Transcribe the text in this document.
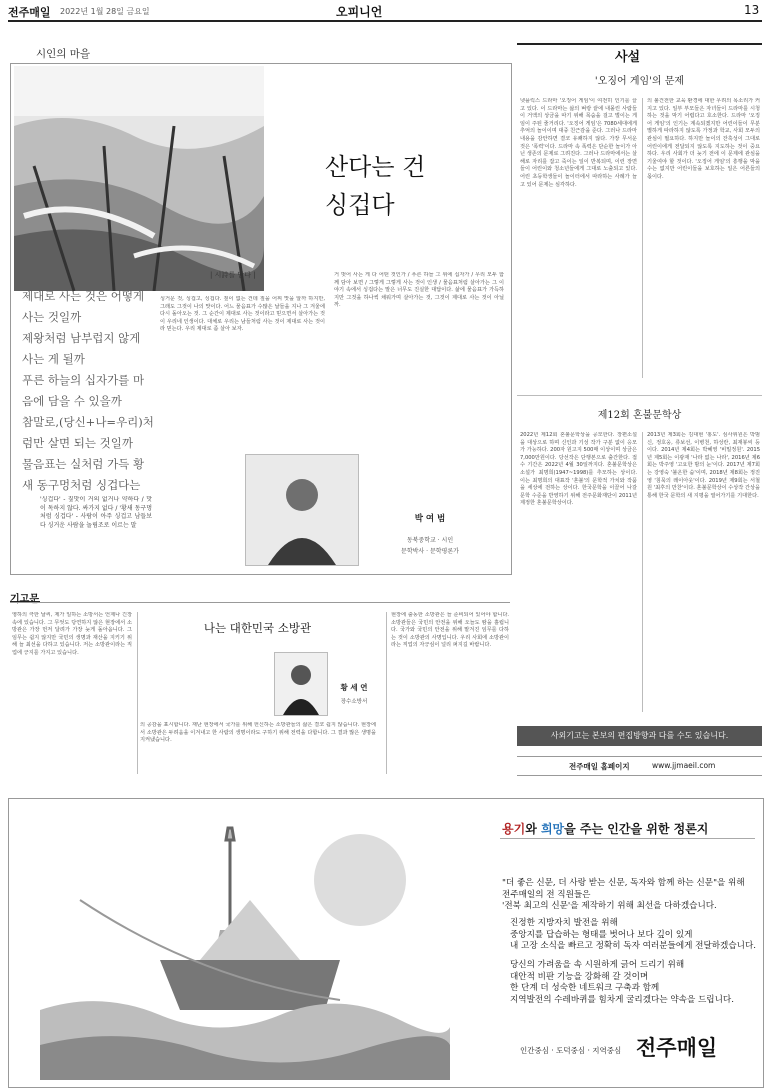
전주매일 2022년 1월 28일 금요일	오피니언	13
시인의 마을
산다는 건
싱겁다
| 시詩를 담다 |
제대로 사는 것은 어떻게
사는 것일까
제왕처럼 남부럽지 않게
사는 게 될까
푸른 하늘의 십자가를 마
음에 담을 수 있을까
참말로,(당신+나=우리)처
럼만 살면 되는 것일까
물음표는 실처럼 가득 황
새 동구멍처럼 싱겁다는
'싱겁다' - 짚맛이 거의 없거나 약하다 / 맛이 독하지 않다. 싸가지 없다 / '황새 동구멍처럼 싱겁다' - 사람이 아주 싱겁고 남들보다 싱거운 사람을 놀림조로 이르는 말
싱거운 것, 싱겁고, 싱겁다. 짚이 없는 건데 짚을 어찌 맛을 알까 하지만, 그래도 그것이 나의 맛이다. 어느 물음표가 수많은 날들을 지나 그 겨울에 다시 돌아오는 것. 그 순간이 제대로 사는 것이라고 믿으면서 살아가는 것이 우리네 인생이다. 대체로 우리는 남들처럼 사는 것이 제대로 사는 것이라 믿는다. 우리 제대로 좀 살아 보자.
거 벗어 사는 게 다 어떤 것인가 / 푸른 하늘 그 위에 십자가 / 우리 모두 함께 담아 보면 / 그렇게 그렇게 사는 것이 인생 / 물음표처럼 살아가는 그 이야기 속에서 싱겁다는 말은 너무도 진실한 대답이다. 삶에 물음표가 가득하지만 그것을 하나씩 채워가며 살아가는 것, 그것이 제대로 사는 것이 아닐까.
박 여 범
동북중학교 · 시인
문학박사 · 문학평론가
사설
'오징어 게임'의 문제
넷플릭스 드라마 '오징어 게임'이 여전히 인기를 끌고 있다. 이 드라마는 삶의 벼랑 끝에 내몰린 사람들이 거액의 상금을 따기 위해 목숨을 걸고 벌이는 게임이 주된 줄거리다. '오징어 게임'은 7080세대에게 추억의 놀이이며 대중 친근감을 준다. 그러나 드라마 내용을 감안하면 결코 유쾌하지 않다. 가장 무서운 것은 '폭력'이다. 드라마 속 폭력은 단순한 놀이가 아닌 생존의 문제로 그려진다. 그러나 드라마에서는 살해로 자리를 잡고 죽이는 일이 반복되며, 이런 장면들이 어린이와 청소년들에게 그대로 노출되고 있다. 어린 초등학생들이 놀이터에서 따라하는 사례가 늘고 있어 문제는 심각하다.
의 불건전한 교육 환경에 대한 우려의 목소리가 커지고 있다. 일부 부모들은 자녀들이 드라마를 시청하는 것을 막기 어렵다고 호소한다. 드라마 '오징어 게임'의 인기는 계속되겠지만 어린이들이 무분별하게 따라하지 않도록 가정과 학교, 사회 모두의 관심이 필요하다. 하지만 놀이의 잔혹성이 그대로 어린이에게 전달되지 않도록 지도하는 것이 중요하다. 우리 사회가 더 늦기 전에 이 문제에 관심을 기울여야 할 것이다. '오징어 게임'의 흥행을 막을 수는 없지만 어린이들을 보호하는 일은 어른들의 몫이다.
제12회 혼불문학상
2022년 제12회 혼불문학상을 공모한다. 장편소설을 대상으로 하며 신인과 기성 작가 구분 없이 응모가 가능하다. 200자 원고지 500매 이상이며 상금은 7,000만원이다. 당선작은 단행본으로 출간한다. 접수 기간은 2022년 4월 30일까지다. 혼불문학상은 소설가 최명희(1947~1998)를 추모하는 상이다. 이는 최명희의 대표작 '혼불'의 문학적 가치와 작품을 세상에 전하는 상이다. 한국문학을 이끌어 나갈 문학 수준을 반영하기 위해 전주문화재단이 2011년 제정한 혼불문학상이다.
2013년 제3회는 김대현 '홍도'. 심사위원은 박범신, 정호웅, 류보선, 이병천, 하성란, 최재봉씨 등이다. 2014년 제4회는 박혜영 '비밀정원'. 2015년 제5회는 이광재 '나라 없는 나라', 2016년 제6회는 박주영 '고요한 밤의 눈'이다. 2017년 제7회는 강영숙 '불온한 숨'이며, 2018년 제8회는 정진영 '침묵의 레이아웃'이다. 2019년 제9회는 서철원 '최후의 만찬'이다. 혼불문학상이 수상작 간상을 통해 한국 문학의 새 지평을 열어가기를 기대한다.
기고문
영하의 극한 날씨, 제가 일하는 소방서는 언제나 긴장 속에 있습니다. 그 무엇도 당연하지 않은 현장에서 소방관은 가장 먼저 달려가 가장 늦게 돌아옵니다. 그 임무는 쉽지 않지만 국민의 생명과 재산을 지키기 위해 늘 최선을 다하고 있습니다. 저는 소방관이라는 직업에 긍지를 가지고 있습니다.
나는 대한민국 소방관
황 세 연
장수소방서
의 공감을 표시합니다. 재난 현장에서 국가를 위해 헌신하는 소방관들의 삶은 결코 쉽지 않습니다. 현장에서 소방관은 두려움을 이겨내고 한 사람의 생명이라도 구하기 위해 전력을 다합니다. 그 결과 많은 생명을 지켜냈습니다.
현장에 출동한 소방관은 늘 준비되어 있어야 합니다. 소방관들은 국민의 안전을 위해 오늘도 땀을 흘립니다. 국가와 국민의 안전을 위해 맡겨진 임무를 다하는 것이 소방관의 사명입니다. 우리 사회에 소방관이라는 직업의 자긍심이 널리 퍼지길 바랍니다.
사외기고는 본보의 편집방향과 다를 수도 있습니다.
전주매일 홈페이지	www.jjmaeil.com
용기와 희망을 주는 인간을 위한 정론지
"더 좋은 신문, 더 사랑 받는 신문, 독자와 함께 하는 신문"을 위해
전주매일의 전 직원들은
'전북 최고의 신문'을 제작하기 위해 최선을 다하겠습니다.
진정한 지방자치 발전을 위해
중앙지를 답습하는 형태를 벗어나 보다 깊이 있게
내 고장 소식을 빠르고 정확히 독자 여러분들에게 전달하겠습니다.
당신의 가려움을 속 시원하게 긁어 드리기 위해
대안적 비판 기능을 강화해 갈 것이며
한 단계 더 성숙한 네트워크 구축과 함께
지역발전의 수레바퀴를 힘차게 굴리겠다는 약속을 드립니다.
인간중심 · 도덕중심 · 지역중심 전주매일
